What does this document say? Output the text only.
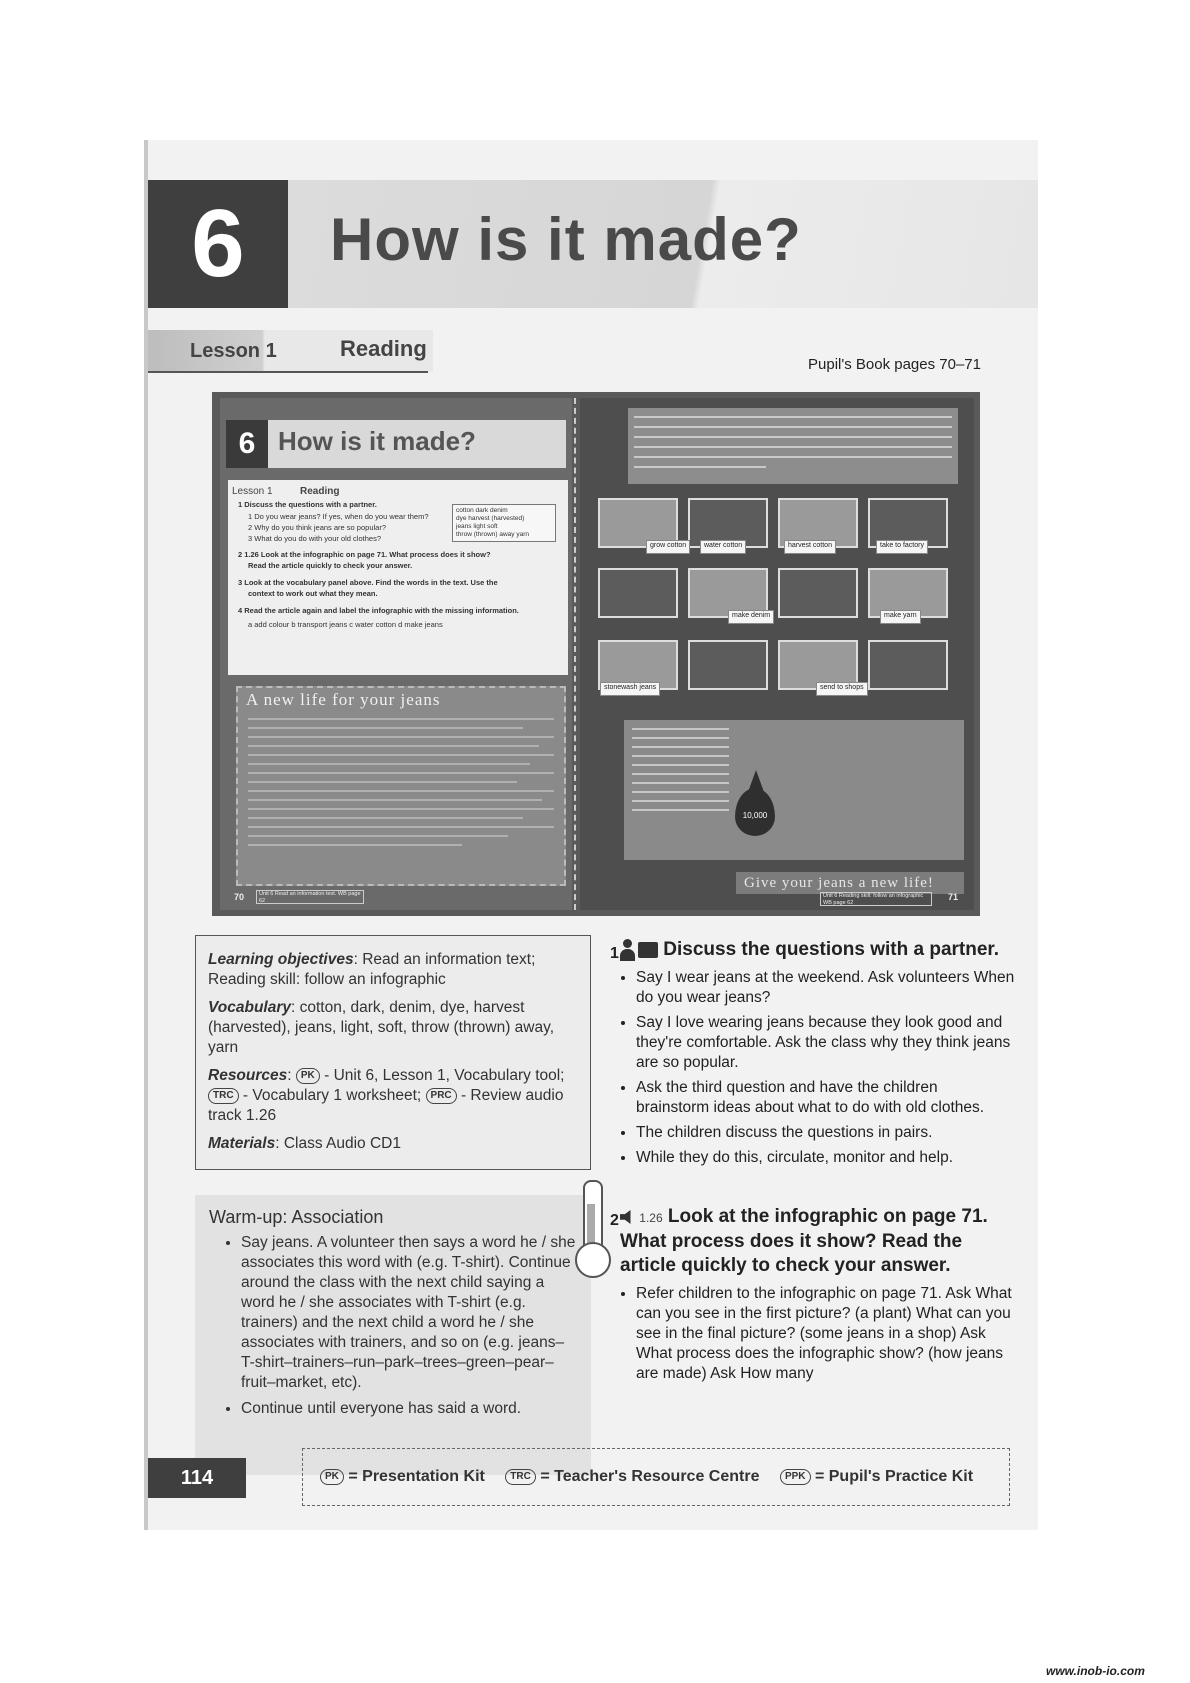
6	How is it made?
Lesson 1	Reading
Pupil's Book pages 70–71
6 How is it made?
Lesson 1	Reading
1 Discuss the questions with a partner.
1 Do you wear jeans? If yes, when do you wear them?
2 Why do you think jeans are so popular?
3 What do you do with your old clothes?
2 1.26 Look at the infographic on page 71. What process does it show?
Read the article quickly to check your answer.
3 Look at the vocabulary panel above. Find the words in the text. Use the
context to work out what they mean.
4 Read the article again and label the infographic with the missing information.
a add colour b transport jeans c water cotton d make jeans
cotton dark denim
dye harvest (harvested)
jeans light soft
throw (thrown) away yarn
A new life for your jeans
70	Unit 6 Read an information text. WB page 62
grow cotton	water cotton	harvest cotton	take to factory
make denim	make yarn
stonewash jeans	send to shops
10,000
Give your jeans a new life!
Unit 6 Reading skill: follow an infographic WB page 62
71

Learning objectives: Read an information text; Reading skill: follow an infographic

Vocabulary: cotton, dark, denim, dye, harvest (harvested), jeans, light, soft, throw (thrown) away, yarn

Resources: PK - Unit 6, Lesson 1, Vocabulary tool; TRC - Vocabulary 1 worksheet; PRC - Review audio track 1.26

Materials: Class Audio CD1

Warm-up: Association
• Say jeans. A volunteer then says a word he / she associates this word with (e.g. T-shirt). Continue around the class with the next child saying a word he / she associates with T-shirt (e.g. trainers) and the next child a word he / she associates with trainers, and so on (e.g. jeans–T-shirt–trainers–run–park–trees–green–pear–fruit–market, etc).
• Continue until everyone has said a word.
1	Discuss the questions with a partner.
• Say I wear jeans at the weekend. Ask volunteers When do you wear jeans?
• Say I love wearing jeans because they look good and they're comfortable. Ask the class why they think jeans are so popular.
• Ask the third question and have the children brainstorm ideas about what to do with old clothes.
• The children discuss the questions in pairs.
• While they do this, circulate, monitor and help.
2	1.26 Look at the infographic on page 71. What process does it show? Read the article quickly to check your answer.
• Refer children to the infographic on page 71. Ask What can you see in the first picture? (a plant) What can you see in the final picture? (some jeans in a shop) Ask What process does the infographic show? (how jeans are made) Ask How many
114	PK = Presentation Kit	TRC = Teacher's Resource Centre	PPK = Pupil's Practice Kit
www.inob-io.com
